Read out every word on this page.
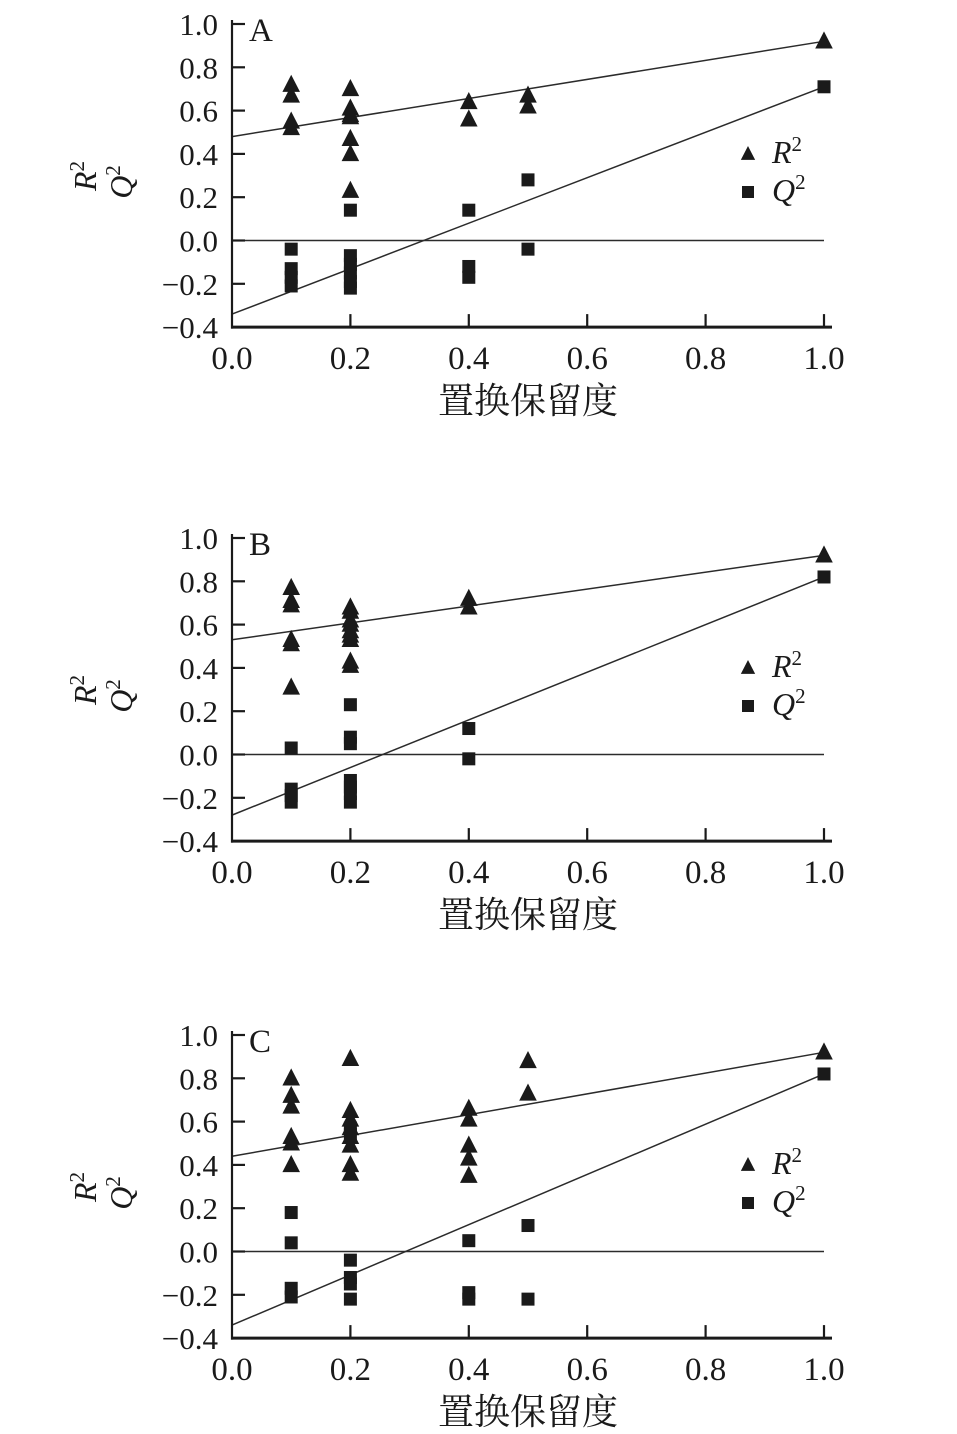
1.0
0.8
0.6
0.4
0.2
0.0
−0.2
−0.4
0.0 0.2 0.4 0.6 0.8 1.0
置换保留度
$R^2$
$Q^2$
A
$R^2$
$Q^2$
1.0
0.8
0.6
0.4
0.2
0.0
−0.2
−0.4
0.0 0.2 0.4 0.6 0.8 1.0
置换保留度
$R^2$
$Q^2$
B
$R^2$
$Q^2$
1.0
0.8
0.6
0.4
0.2
0.0
−0.2
−0.4
0.0 0.2 0.4 0.6 0.8 1.0
置换保留度
$R^2$
$Q^2$
C
$R^2$
$Q^2$
